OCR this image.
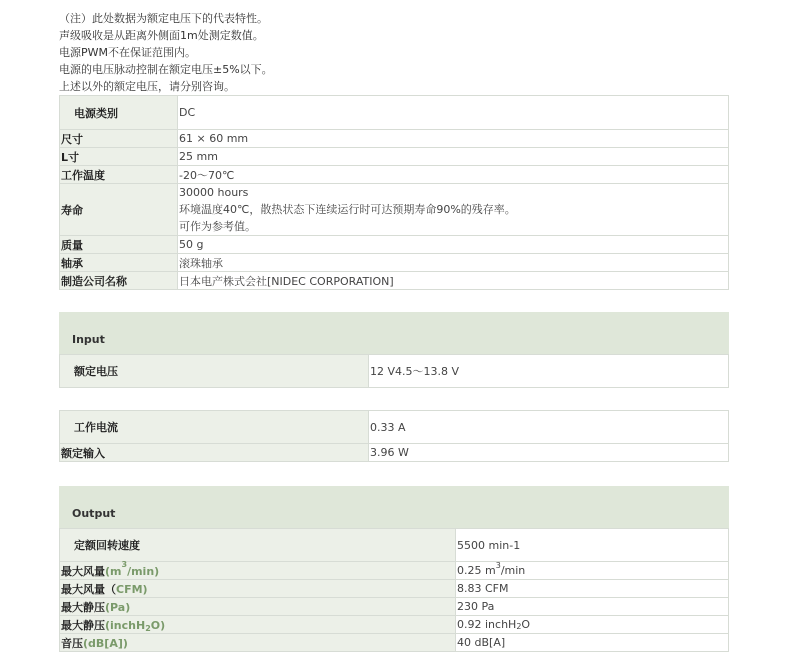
（注）此处数据为额定电压下的代表特性。
声级吸收是从距离外侧面1m处测定数值。
电源PWM不在保证范围内。
电源的电压脉动控制在额定电压±5%以下。
上述以外的额定电压，请分别咨询。
电源类别	DC
尺寸	61 × 60 mm
L寸	25 mm
工作温度	-20～70℃
寿命	30000 hours
环境温度40℃，散热状态下连续运行时可达预期寿命90%的残存率。
可作为参考值。

质量	50 g
轴承	滚珠轴承
制造公司名称	日本电产株式会社[NIDEC CORPORATION]
Input
额定电压	12 V4.5～13.8 V
工作电流	0.33 A
额定输入	3.96 W
Output
定额回转速度	5500 min-1
最大风量$(m^3/\min)$	0.25 $m^3/\min$
最大风量（CFM)	8.83 CFM
最大静压(Pa)	230 Pa
最大静压(inchH2O)	0.92 inchH2O
音压(dB[A])	40 dB[A]
